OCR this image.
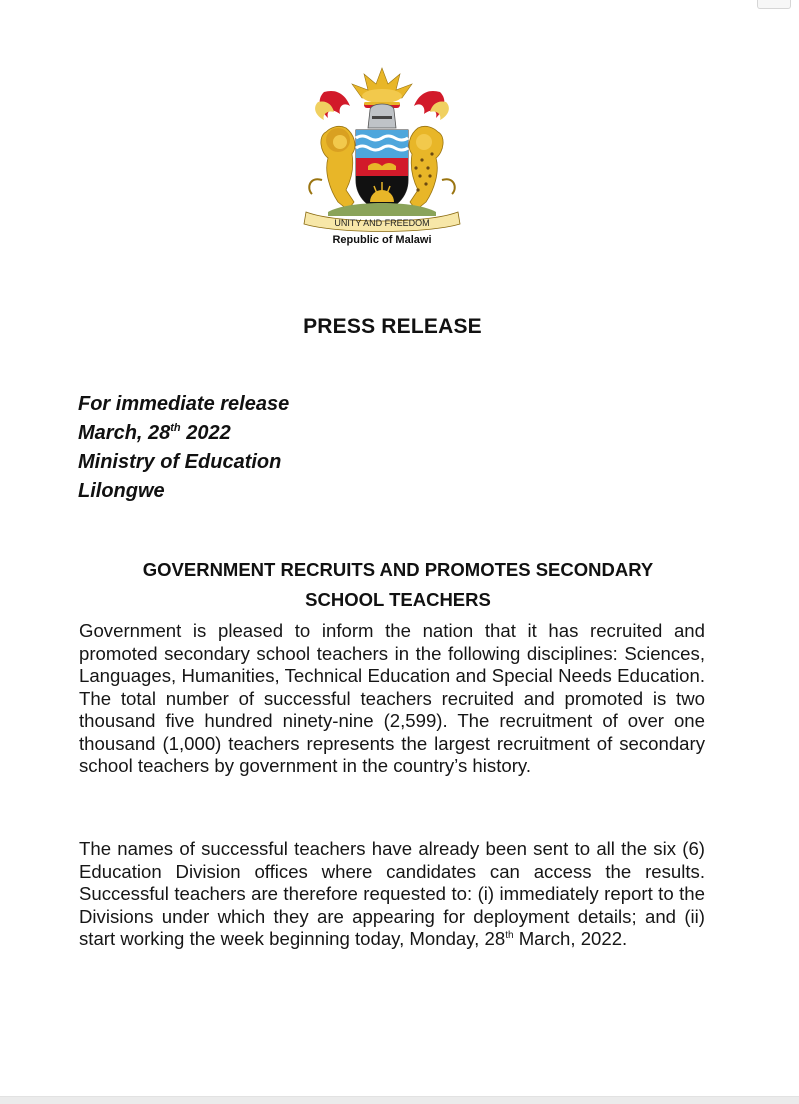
UNITY AND FREEDOM
Republic of Malawi
PRESS RELEASE
For immediate release
March, 28th 2022
Ministry of Education
Lilongwe
GOVERNMENT RECRUITS AND PROMOTES SECONDARY
SCHOOL TEACHERS
Government is pleased to inform the nation that it has recruited and promoted secondary school teachers in the following disciplines: Sciences, Languages, Humanities, Technical Education and Special Needs Education. The total number of successful teachers recruited and promoted is two thousand five hundred ninety-nine (2,599). The recruitment of over one thousand (1,000) teachers represents the largest recruitment of secondary school teachers by government in the country’s history.
The names of successful teachers have already been sent to all the six (6) Education Division offices where candidates can access the results. Successful teachers are therefore requested to: (i) immediately report to the Divisions under which they are appearing for deployment details; and (ii) start working the week beginning today, Monday, 28th March, 2022.
